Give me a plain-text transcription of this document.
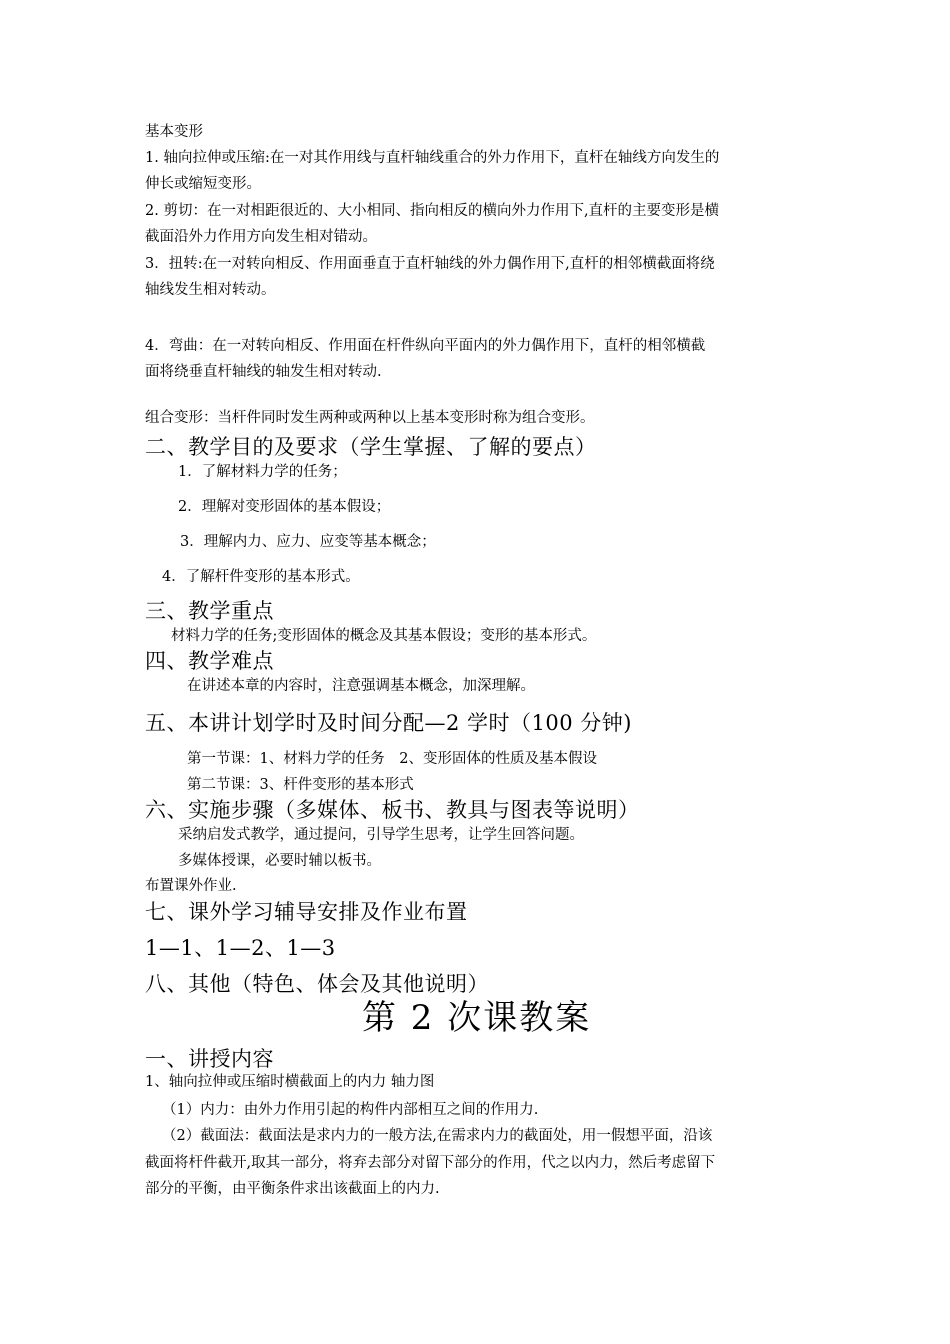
基本变形
1. 轴向拉伸或压缩:在一对其作用线与直杆轴线重合的外力作用下，直杆在轴线方向发生的
伸长或缩短变形。
2. 剪切：在一对相距很近的、大小相同、指向相反的横向外力作用下,直杆的主要变形是横
截面沿外力作用方向发生相对错动。
3．扭转:在一对转向相反、作用面垂直于直杆轴线的外力偶作用下,直杆的相邻横截面将绕
轴线发生相对转动。
4．弯曲：在一对转向相反、作用面在杆件纵向平面内的外力偶作用下，直杆的相邻横截
面将绕垂直杆轴线的轴发生相对转动.
组合变形：当杆件同时发生两种或两种以上基本变形时称为组合变形。
二、教学目的及要求（学生掌握、了解的要点）
1．了解材料力学的任务；
2．理解对变形固体的基本假设；
3．理解内力、应力、应变等基本概念；
4．了解杆件变形的基本形式。
三、教学重点
材料力学的任务;变形固体的概念及其基本假设；变形的基本形式。
四、教学难点
在讲述本章的内容时，注意强调基本概念，加深理解。
五、本讲计划学时及时间分配—2 学时（100 分钟)
第一节课：1、材料力学的任务　2、变形固体的性质及基本假设
第二节课：3、杆件变形的基本形式
六、实施步骤（多媒体、板书、教具与图表等说明）
采纳启发式教学，通过提问，引导学生思考，让学生回答问题。
多媒体授课，必要时辅以板书。
布置课外作业.
七、课外学习辅导安排及作业布置
1—1、1—2、1—3
八、其他（特色、体会及其他说明）
第 2 次课教案
一、讲授内容
1、轴向拉伸或压缩时横截面上的内力 轴力图
（1）内力：由外力作用引起的构件内部相互之间的作用力.
（2）截面法：截面法是求内力的一般方法,在需求内力的截面处，用一假想平面，沿该
截面将杆件截开,取其一部分，将弃去部分对留下部分的作用，代之以内力，然后考虑留下
部分的平衡，由平衡条件求出该截面上的内力.
